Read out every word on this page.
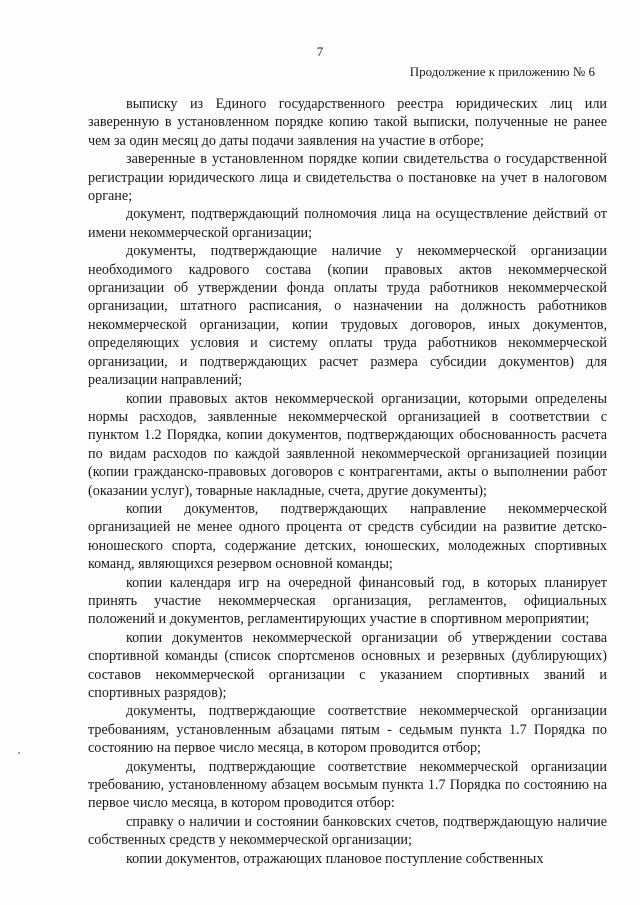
7
Продолжение к приложению № 6

выписку из Единого государственного реестра юридических лиц или заверенную в установленном порядке копию такой выписки, полученные не ранее чем за один месяц до даты подачи заявления на участие в отборе;

заверенные в установленном порядке копии свидетельства о государственной регистрации юридического лица и свидетельства о постановке на учет в налоговом органе;

документ, подтверждающий полномочия лица на осуществление действий от имени некоммерческой организации;

документы, подтверждающие наличие у некоммерческой организации необходимого кадрового состава (копии правовых актов некоммерческой организации об утверждении фонда оплаты труда работников некоммерческой организации, штатного расписания, о назначении на должность работников некоммерческой организации, копии трудовых договоров, иных документов, определяющих условия и систему оплаты труда работников некоммерческой организации, и подтверждающих расчет размера субсидии документов) для реализации направлений;

копии правовых актов некоммерческой организации, которыми определены нормы расходов, заявленные некоммерческой организацией в соответствии с пунктом 1.2 Порядка, копии документов, подтверждающих обоснованность расчета по видам расходов по каждой заявленной некоммерческой организацией позиции (копии гражданско-правовых договоров с контрагентами, акты о выполнении работ (оказании услуг), товарные накладные, счета, другие документы);

копии документов, подтверждающих направление некоммерческой организацией не менее одного процента от средств субсидии на развитие детско-юношеского спорта, содержание детских, юношеских, молодежных спортивных команд, являющихся резервом основной команды;

копии календаря игр на очередной финансовый год, в которых планирует принять участие некоммерческая организация, регламентов, официальных положений и документов, регламентирующих участие в спортивном мероприятии;

копии документов некоммерческой организации об утверждении состава спортивной команды (список спортсменов основных и резервных (дублирующих) составов некоммерческой организации с указанием спортивных званий и спортивных разрядов);

документы, подтверждающие соответствие некоммерческой организации требованиям, установленным абзацами пятым - седьмым пункта 1.7 Порядка по состоянию на первое число месяца, в котором проводится отбор;

документы, подтверждающие соответствие некоммерческой организации требованию, установленному абзацем восьмым пункта 1.7 Порядка по состоянию на первое число месяца, в котором проводится отбор:

справку о наличии и состоянии банковских счетов, подтверждающую наличие собственных средств у некоммерческой организации;

копии документов, отражающих плановое поступление собственных
